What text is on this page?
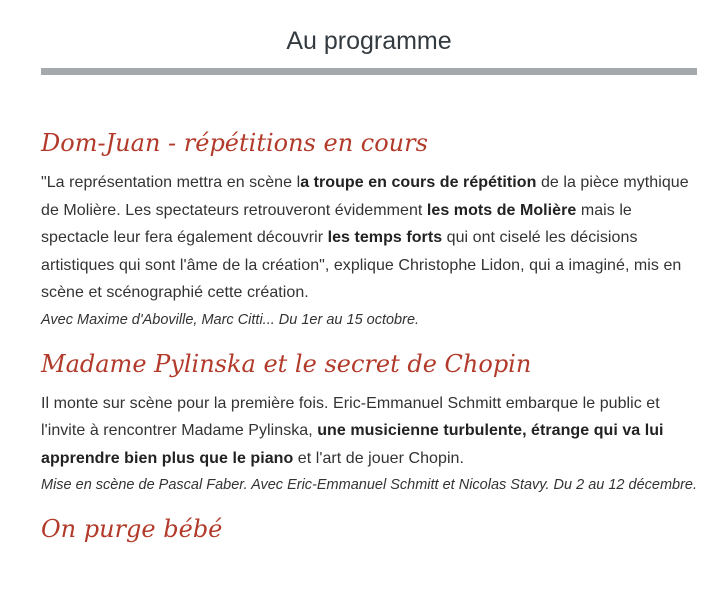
Au programme
Dom-Juan - répétitions en cours

"La représentation mettra en scène la troupe en cours de répétition de la pièce mythique de Molière. Les spectateurs retrouveront évidemment les mots de Molière mais le spectacle leur fera également découvrir les temps forts qui ont ciselé les décisions artistiques qui sont l'âme de la création", explique Christophe Lidon, qui a imaginé, mis en scène et scénographié cette création.

Avec Maxime d'Aboville, Marc Citti... Du 1er au 15 octobre.

Madame Pylinska et le secret de Chopin

Il monte sur scène pour la première fois. Eric-Emmanuel Schmitt embarque le public et l'invite à rencontrer Madame Pylinska, une musicienne turbulente, étrange qui va lui apprendre bien plus que le piano et l'art de jouer Chopin.

Mise en scène de Pascal Faber. Avec Eric-Emmanuel Schmitt et Nicolas Stavy. Du 2 au 12 décembre.

On purge bébé
